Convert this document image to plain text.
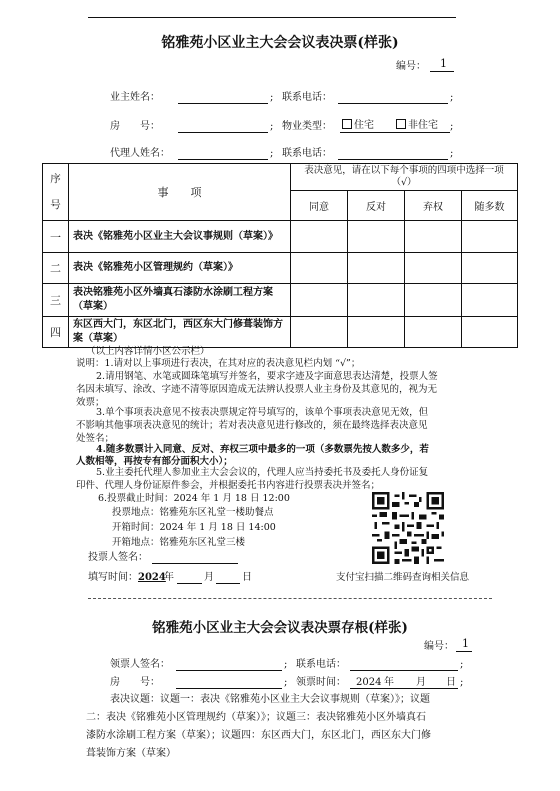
铭雅苑小区业主大会会议表决票(样张)
编号： 1
业主姓名：	; 联系电话：	;
房　　号：	; 物业类型：	住宅	非住宅 ;
代理人姓名：	; 联系电话：	;
序号	事　　项	表决意见，请在以下每个事项的四项中选择一项（√）			
		同意	反对	弃权	随多数
一	表决《铭雅苑小区业主大会议事规则（草案）》				
二	表决《铭雅苑小区管理规约（草案）》				
三	表决铭雅苑小区外墙真石漆防水涂刷工程方案（草案）				
四	东区西大门，东区北门，西区东大门修葺装饰方案（草案）				
（以上内容详情小区公示栏）
说明：1.请对以上事项进行表决，在其对应的表决意见栏内划 “√”；
2.请用钢笔、水笔或圆珠笔填写并签名，要求字迹及字面意思表达清楚，投票人签
名因未填写、涂改、字迹不清等原因造成无法辨认投票人业主身份及其意见的，视为无
效票；
3.单个事项表决意见不按表决票规定符号填写的，该单个事项表决意见无效，但
不影响其他事项表决意见的统计；若对表决意见进行修改的，须在最终选择表决意见
处签名；
4.随多数票计入同意、反对、弃权三项中最多的一项（多数票先按人数多少，若
人数相等，再按专有部分面积大小）；
5.业主委托代理人参加业主大会会议的，代理人应当持委托书及委托人身份证复
印件、代理人身份证原件参会，并根据委托书内容进行投票表决并签名；
6.投票截止时间：2024 年 1 月 18 日 12:00
投票地点：铭雅苑东区礼堂一楼助餐点
开箱时间：2024 年 1 月 18 日 14:00
开箱地点：铭雅苑东区礼堂三楼
投票人签名：
填写时间： 2024
年	月	日	支付宝扫描二维码查询相关信息
铭雅苑小区业主大会会议表决票存根(样张)
编号： 1
领票人签名：	; 联系电话：	;
房　　号：	; 领票时间： 2024 年 月 日 ;
表决议题：议题一：表决《铭雅苑小区业主大会议事规则（草案）》；议题
二：表决《铭雅苑小区管理规约（草案）》；议题三：表决铭雅苑小区外墙真石
漆防水涂刷工程方案（草案）；议题四：东区西大门，东区北门，西区东大门修
葺装饰方案（草案）
